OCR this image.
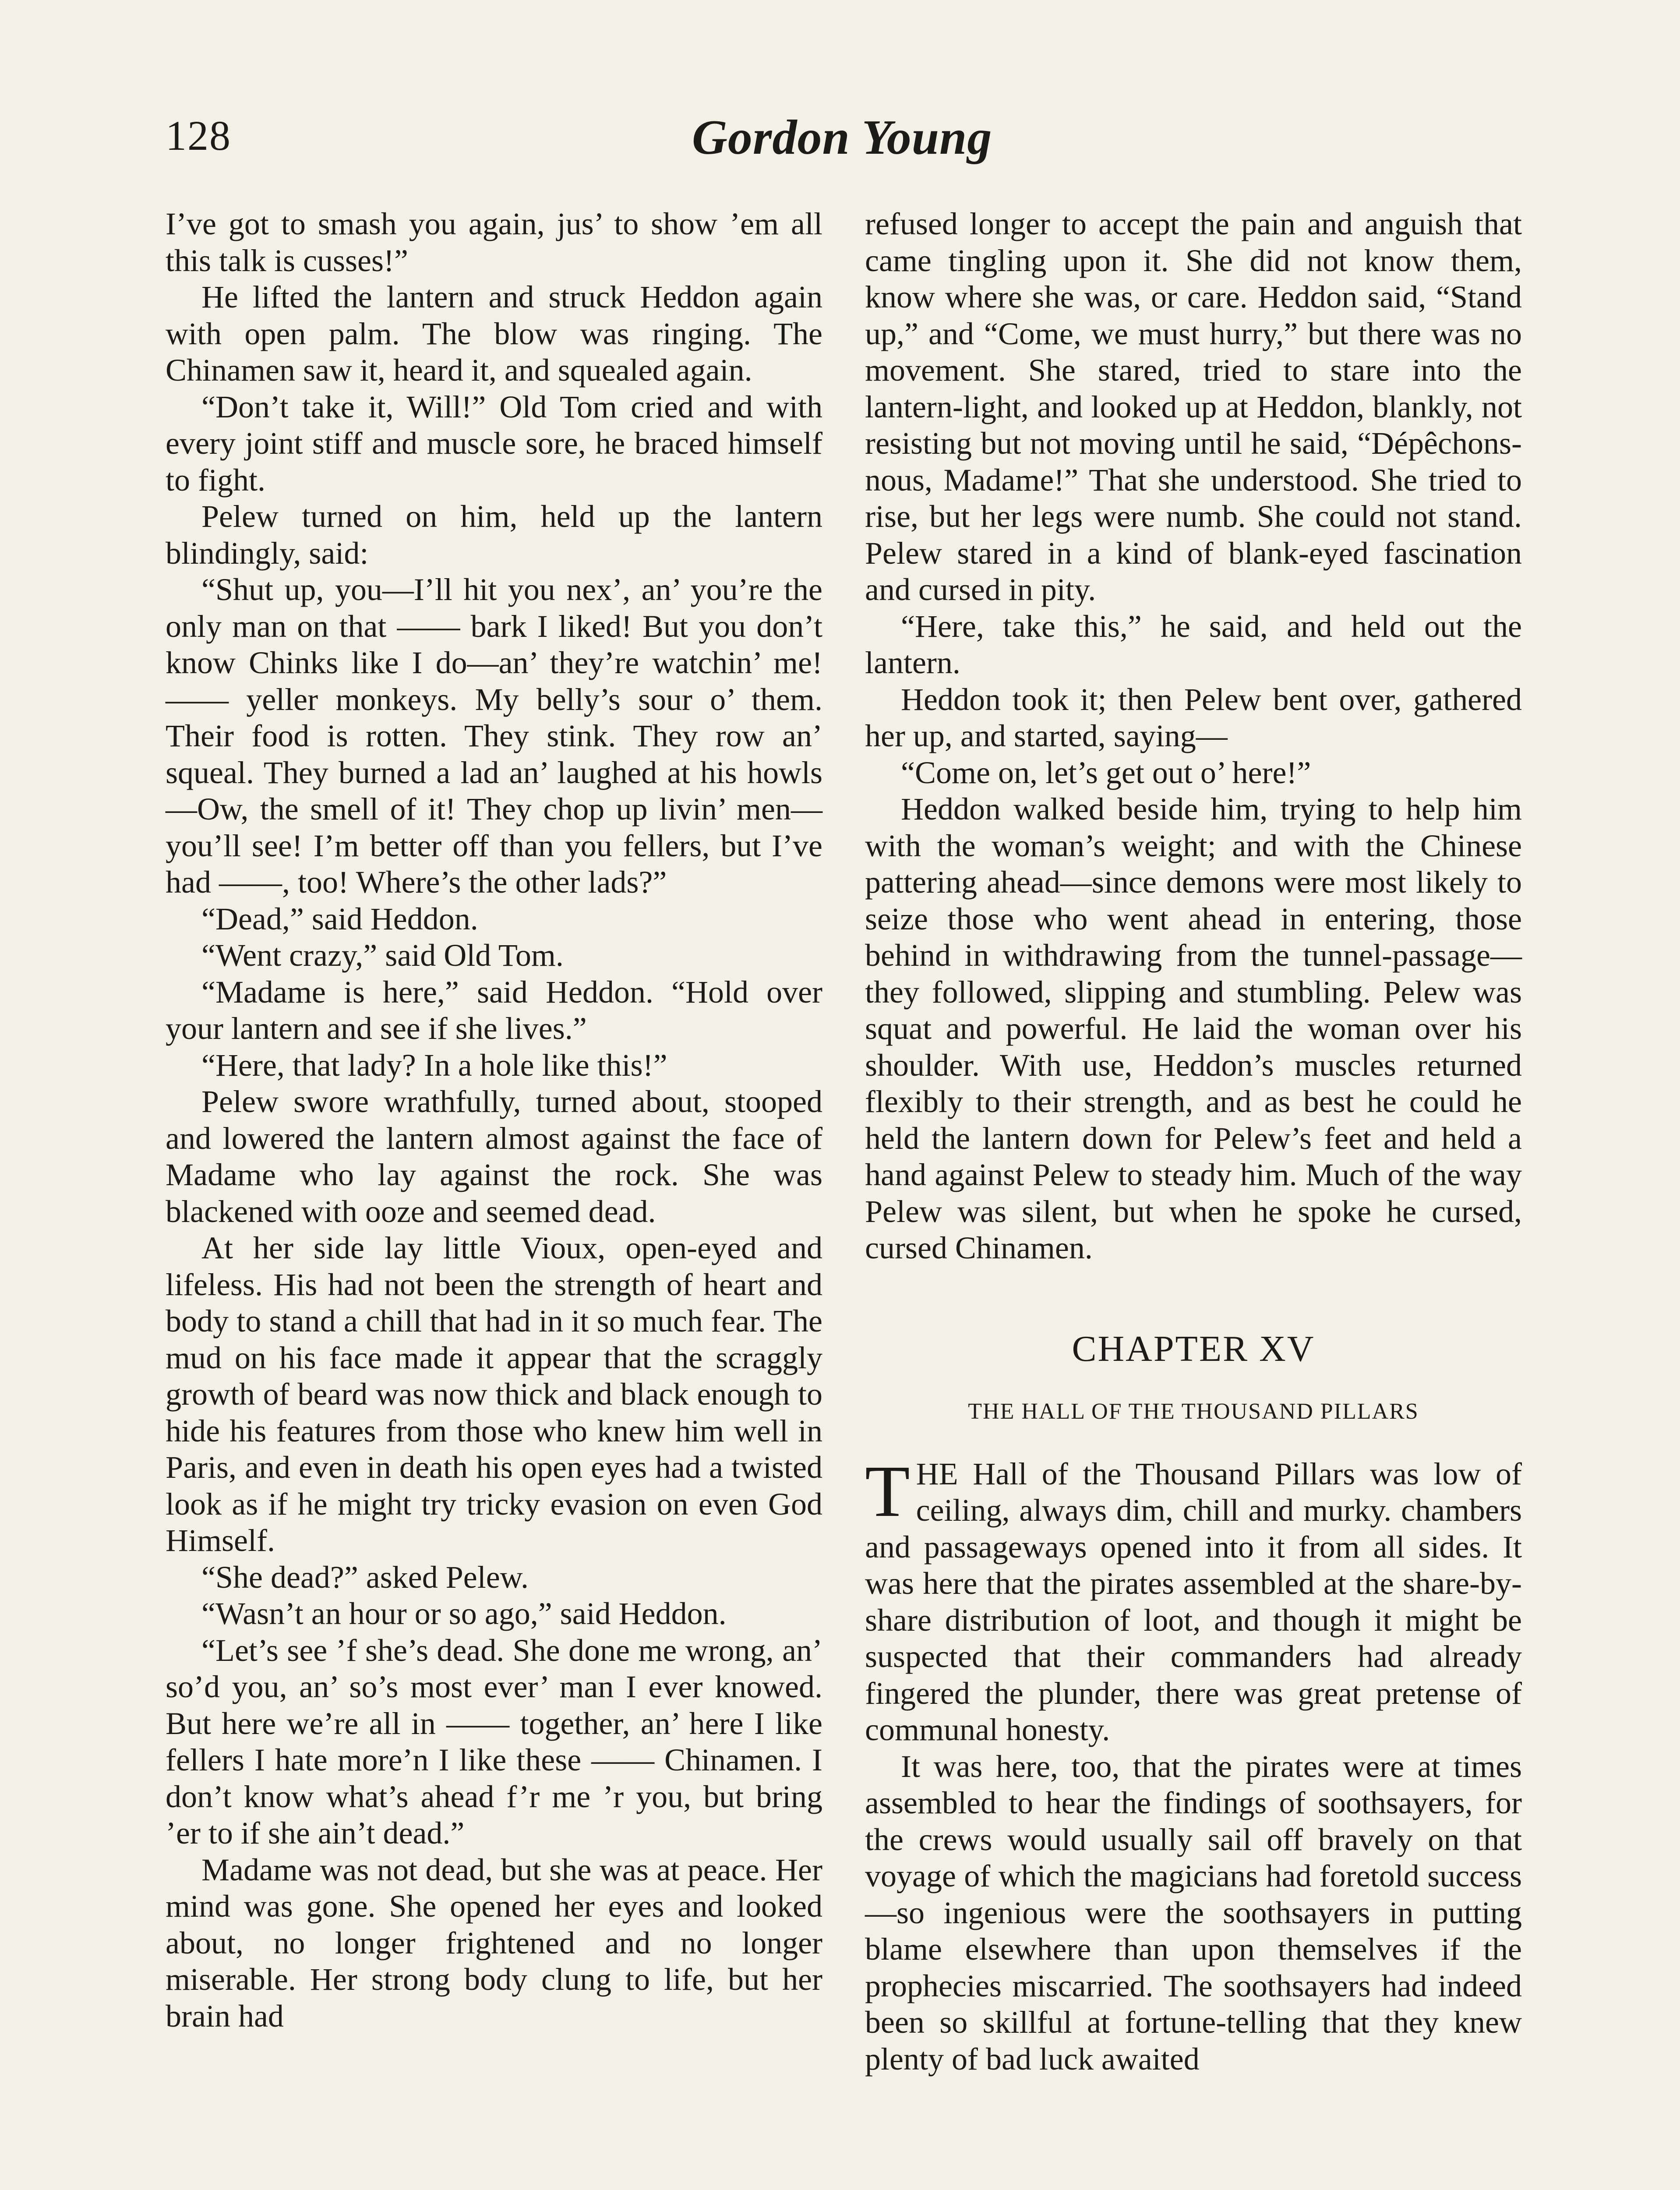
128	Gordon Young

I’ve got to smash you again, jus’ to show ’em all this talk is cusses!”

He lifted the lantern and struck Heddon again with open palm. The blow was ringing. The Chinamen saw it, heard it, and squealed again.

“Don’t take it, Will!” Old Tom cried and with every joint stiff and muscle sore, he braced himself to fight.

Pelew turned on him, held up the lantern blindingly, said:

“Shut up, you—I’ll hit you nex’, an’ you’re the only man on that —— bark I liked! But you don’t know Chinks like I do—an’ they’re watchin’ me! —— yeller monkeys. My belly’s sour o’ them. Their food is rotten. They stink. They row an’ squeal. They burned a lad an’ laughed at his howls—Ow, the smell of it! They chop up livin’ men—you’ll see! I’m better off than you fellers, but I’ve had ——, too! Where’s the other lads?”

“Dead,” said Heddon.

“Went crazy,” said Old Tom.

“Madame is here,” said Heddon. “Hold over your lantern and see if she lives.”

“Here, that lady? In a hole like this!”

Pelew swore wrathfully, turned about, stooped and lowered the lantern almost against the face of Madame who lay against the rock. She was blackened with ooze and seemed dead.

At her side lay little Vioux, open-eyed and lifeless. His had not been the strength of heart and body to stand a chill that had in it so much fear. The mud on his face made it appear that the scraggly growth of beard was now thick and black enough to hide his features from those who knew him well in Paris, and even in death his open eyes had a twisted look as if he might try tricky evasion on even God Himself.

“She dead?” asked Pelew.

“Wasn’t an hour or so ago,” said Heddon.

“Let’s see ’f she’s dead. She done me wrong, an’ so’d you, an’ so’s most ever’ man I ever knowed. But here we’re all in —— together, an’ here I like fellers I hate more’n I like these —— Chinamen. I don’t know what’s ahead f’r me ’r you, but bring ’er to if she ain’t dead.”

Madame was not dead, but she was at peace. Her mind was gone. She opened her eyes and looked about, no longer frightened and no longer miserable. Her strong body clung to life, but her brain had

refused longer to accept the pain and anguish that came tingling upon it. She did not know them, know where she was, or care. Heddon said, “Stand up,” and “Come, we must hurry,” but there was no movement. She stared, tried to stare into the lantern-light, and looked up at Heddon, blankly, not resisting but not moving until he said, “Dépêchons-nous, Madame!” That she understood. She tried to rise, but her legs were numb. She could not stand. Pelew stared in a kind of blank-eyed fascination and cursed in pity.

“Here, take this,” he said, and held out the lantern.

Heddon took it; then Pelew bent over, gathered her up, and started, saying—

“Come on, let’s get out o’ here!”

Heddon walked beside him, trying to help him with the woman’s weight; and with the Chinese pattering ahead—since demons were most likely to seize those who went ahead in entering, those behind in withdrawing from the tunnel-passage—they followed, slipping and stumbling. Pelew was squat and powerful. He laid the woman over his shoulder. With use, Heddon’s muscles returned flexibly to their strength, and as best he could he held the lantern down for Pelew’s feet and held a hand against Pelew to steady him. Much of the way Pelew was silent, but when he spoke he cursed, cursed Chinamen.

CHAPTER XV
THE HALL OF THE THOUSAND PILLARS

THE Hall of the Thousand Pillars was low of ceiling, always dim, chill and murky. chambers and passageways opened into it from all sides. It was here that the pirates assembled at the share-by-share distribution of loot, and though it might be suspected that their commanders had already fingered the plunder, there was great pretense of communal honesty.

It was here, too, that the pirates were at times assembled to hear the findings of soothsayers, for the crews would usually sail off bravely on that voyage of which the magicians had foretold success—so ingenious were the soothsayers in putting blame elsewhere than upon themselves if the prophecies miscarried. The soothsayers had indeed been so skillful at fortune-telling that they knew plenty of bad luck awaited
